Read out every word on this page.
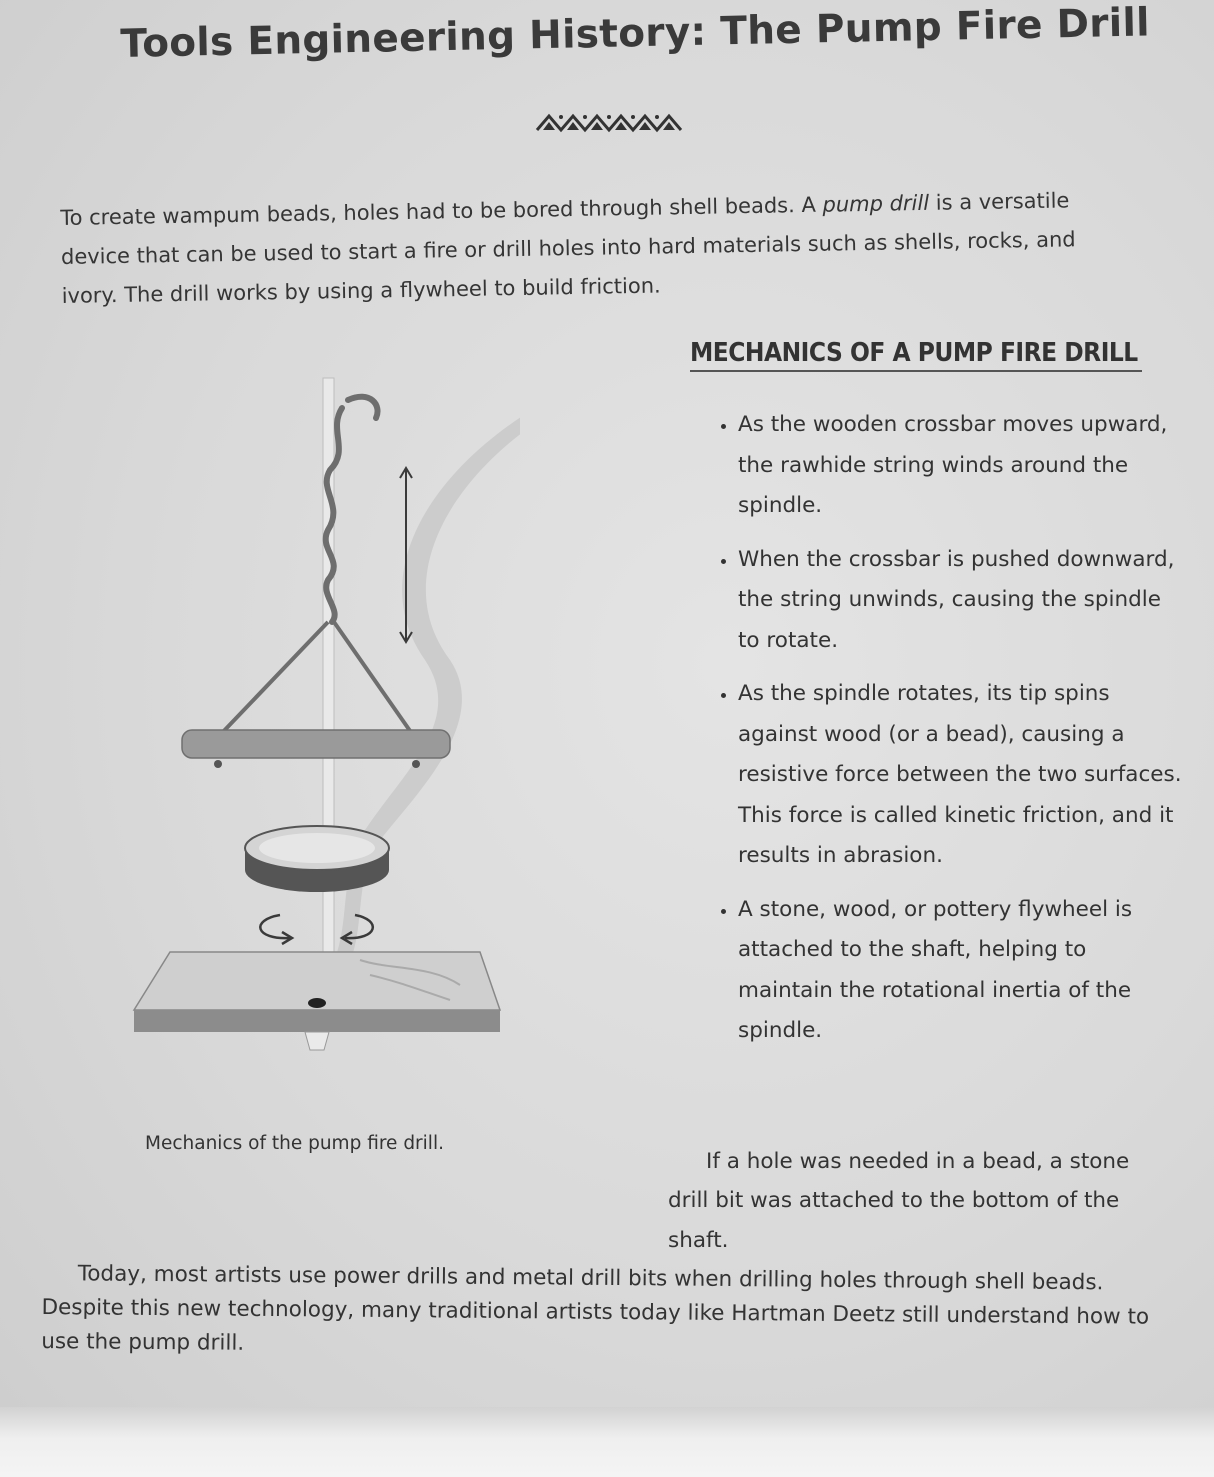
Tools Engineering History: The Pump Fire Drill

To create wampum beads, holes had to be bored through shell beads. A pump drill is a versatile device that can be used to start a fire or drill holes into hard materials such as shells, rocks, and ivory. The drill works by using a flywheel to build friction.

MECHANICS OF A PUMP FIRE DRILL
• As the wooden crossbar moves upward, the rawhide string winds around the spindle.
• When the crossbar is pushed downward, the string unwinds, causing the spindle to rotate.
• As the spindle rotates, its tip spins against wood (or a bead), causing a resistive force between the two surfaces. This force is called kinetic friction, and it results in abrasion.
• A stone, wood, or pottery flywheel is attached to the shaft, helping to maintain the rotational inertia of the spindle.
Mechanics of the pump fire drill.

If a hole was needed in a bead, a stone drill bit was attached to the bottom of the shaft.

Today, most artists use power drills and metal drill bits when drilling holes through shell beads. Despite this new technology, many traditional artists today like Hartman Deetz still understand how to use the pump drill.
